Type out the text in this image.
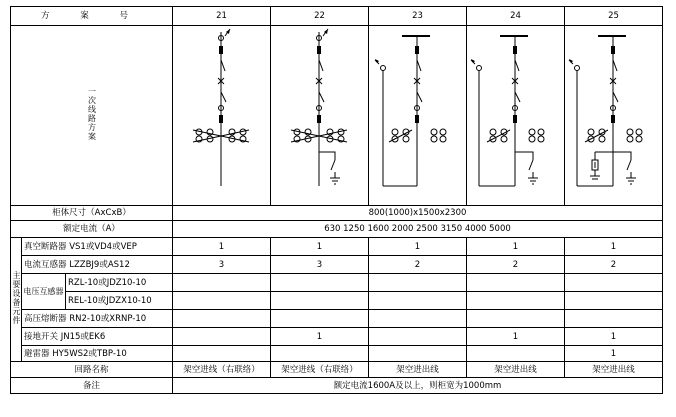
方 案 号			21	22	23	24	25
一次线路方案	

柜体尺寸（AxCxB）			800(1000)x1500x2300				
额定电流（A）			630 1250 1600 2000 2500 3150 4000 5000				
主要设备元件	真空断路器 VS1或VD4或VEP		1	1	1	1	1
	电流互感器 LZZBJ9或AS12		3	3	2	2	2
	电压互感器	RZL-10或JDZ10-10					
		REL-10或JDZX10-10					
	高压熔断器 RN2-10或XRNP-10						
	接地开关 JN15或EK6			1		1	1
	避雷器 HY5WS2或TBP-10						1
回路名称			架空进线（右联络）	架空进线（右联络）	架空进出线	架空进出线	架空进出线
备注			额定电流1600A及以上，则柜宽为1000mm				
